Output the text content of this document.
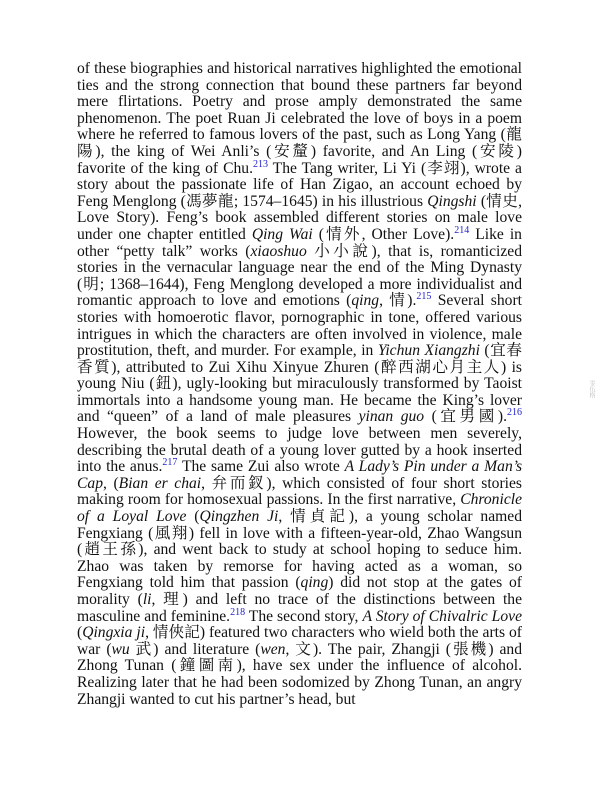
of these biographies and historical narratives highlighted the emotional ties and the strong connection that bound these partners far beyond mere flirtations. Poetry and prose amply demonstrated the same phenomenon. The poet Ruan Ji celebrated the love of boys in a poem where he referred to famous lovers of the past, such as Long Yang (龍陽), the king of Wei Anli’s (安釐) favorite, and An Ling (安陵) favorite of the king of Chu.$^{213}$ The Tang writer, Li Yi (李翊), wrote a story about the passionate life of Han Zigao, an account echoed by Feng Menglong (馮夢龍; 1574–1645) in his illustrious Qingshi (情史, Love Story). Feng’s book assembled different stories on male love under one chapter entitled Qing Wai (情外, Other Love).$^{214}$ Like in other “petty talk” works (xiaoshuo 小小說), that is, romanticized stories in the vernacular language near the end of the Ming Dynasty (明; 1368–1644), Feng Menglong developed a more individualist and romantic approach to love and emotions (qing, 情).$^{215}$ Several short stories with homoerotic flavor, pornographic in tone, offered various intrigues in which the characters are often involved in violence, male prostitution, theft, and murder. For example, in Yichun Xiangzhi (宜春香質), attributed to Zui Xihu Xinyue Zhuren (醉西湖心月主人) is young Niu (鈕), ugly-looking but miraculously transformed by Taoist immortals into a handsome young man. He became the King’s lover and “queen” of a land of male pleasures yinan guo (宜男國).$^{216}$ However, the book seems to judge love between men severely, describing the brutal death of a young lover gutted by a hook inserted into the anus.$^{217}$ The same Zui also wrote A Lady’s Pin under a Man’s Cap, (Bian er chai, 弁而釵), which consisted of four short stories making room for homosexual passions. In the first narrative, Chronicle of a Loyal Love (Qingzhen Ji, 情貞記), a young scholar named Fengxiang (風翔) fell in love with a fifteen-year-old, Zhao Wangsun (趙王孫), and went back to study at school hoping to seduce him. Zhao was taken by remorse for having acted as a woman, so Fengxiang told him that passion (qing) did not stop at the gates of morality (li, 理) and left no trace of the distinctions between the masculine and feminine.$^{218}$ The second story, A Story of Chivalric Love (Qingxia ji, 情俠記) featured two characters who wield both the arts of war (wu 武) and literature (wen, 文). The pair, Zhangji (張機) and Zhong Tunan (鐘圖南), have sex under the influence of alcohol. Realizing later that he had been sodomized by Zhong Tunan, an angry Zhangji wanted to cut his partner’s head, but

零伍格
